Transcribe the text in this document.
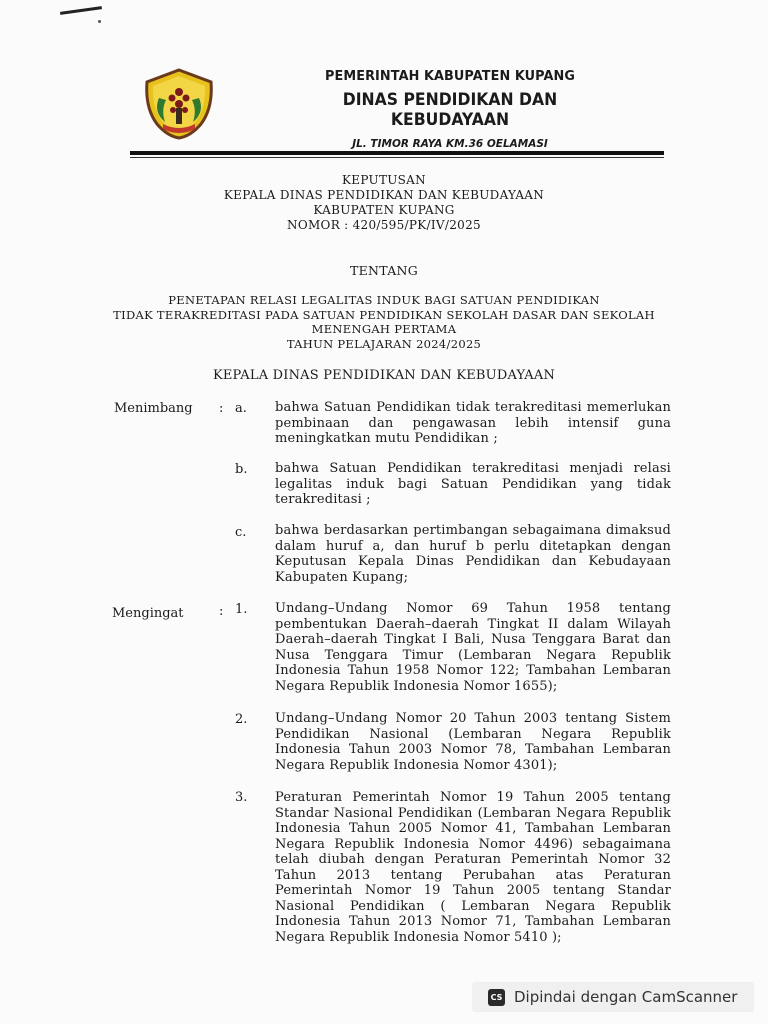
PEMERINTAH KABUPATEN KUPANG
DINAS PENDIDIKAN DAN KEBUDAYAAN
JL. TIMOR RAYA KM.36 OELAMASI
KEPUTUSAN
KEPALA DINAS PENDIDIKAN DAN KEBUDAYAAN
KABUPATEN KUPANG
NOMOR : 420/595/PK/IV/2025
TENTANG
PENETAPAN RELASI LEGALITAS INDUK BAGI SATUAN PENDIDIKAN
TIDAK TERAKREDITASI PADA SATUAN PENDIDIKAN SEKOLAH DASAR DAN SEKOLAH
MENENGAH PERTAMA
TAHUN PELAJARAN 2024/2025
KEPALA DINAS PENDIDIKAN DAN KEBUDAYAAN
Menimbang : a. bahwa Satuan Pendidikan tidak terakreditasi memerlukan pembinaan dan pengawasan lebih intensif guna meningkatkan mutu Pendidikan ;
b. bahwa Satuan Pendidikan terakreditasi menjadi relasi legalitas induk bagi Satuan Pendidikan yang tidak terakreditasi ;
c. bahwa berdasarkan pertimbangan sebagaimana dimaksud dalam huruf a, dan huruf b perlu ditetapkan dengan Keputusan Kepala Dinas Pendidikan dan Kebudayaan Kabupaten Kupang;
Mengingat	: 1. Undang–Undang Nomor 69 Tahun 1958 tentang pembentukan Daerah–daerah Tingkat II dalam Wilayah Daerah–daerah Tingkat I Bali, Nusa Tenggara Barat dan Nusa Tenggara Timur (Lembaran Negara Republik Indonesia Tahun 1958 Nomor 122; Tambahan Lembaran Negara Republik Indonesia Nomor 1655);
2. Undang–Undang Nomor 20 Tahun 2003 tentang Sistem Pendidikan Nasional (Lembaran Negara Republik Indonesia Tahun 2003 Nomor 78, Tambahan Lembaran Negara Republik Indonesia Nomor 4301);
3. Peraturan Pemerintah Nomor 19 Tahun 2005 tentang Standar Nasional Pendidikan (Lembaran Negara Republik Indonesia Tahun 2005 Nomor 41, Tambahan Lembaran Negara Republik Indonesia Nomor 4496) sebagaimana telah diubah dengan Peraturan Pemerintah Nomor 32 Tahun 2013 tentang Perubahan atas Peraturan Pemerintah Nomor 19 Tahun 2005 tentang Standar Nasional Pendidikan ( Lembaran Negara Republik Indonesia Tahun 2013 Nomor 71, Tambahan Lembaran Negara Republik Indonesia Nomor 5410 );
CS Dipindai dengan CamScanner
